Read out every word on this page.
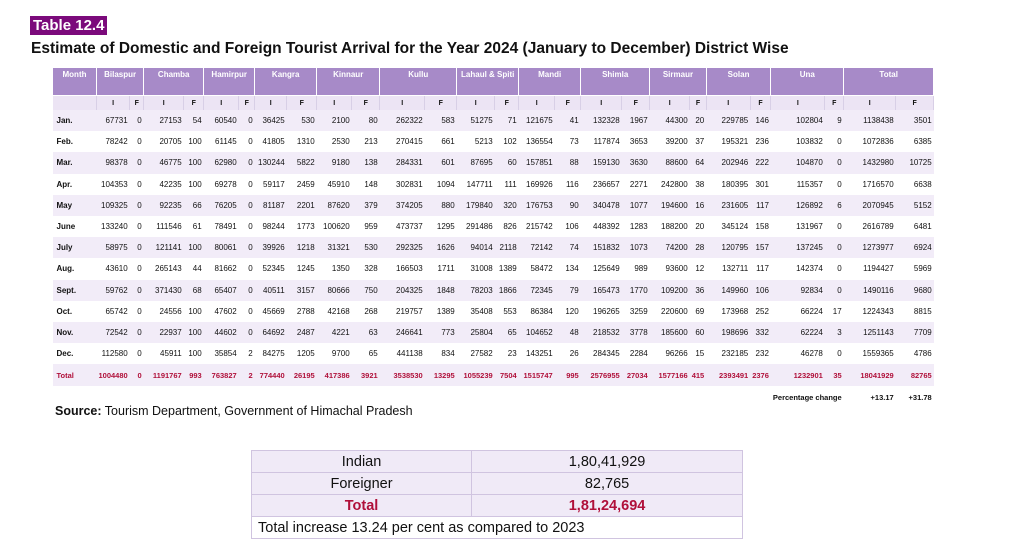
Table 12.4
Estimate of Domestic and Foreign Tourist Arrival for the Year 2024 (January to December) District Wise
Month	Bilaspur		Chamba		Hamirpur		Kangra		Kinnaur		Kullu		Lahaul & Spiti		Mandi		Shimla		Sirmaur		Solan		Una		Total	
	I	F	I	F	I	F	I	F	I	F	I	F	I	F	I	F	I	F	I	F	I	F	I	F	I	F
Jan.	67731	0	27153	54	60540	0	36425	530	2100	80	262322	583	51275	71	121675	41	132328	1967	44300	20	229785	146	102804	9	1138438	3501
Feb.	78242	0	20705	100	61145	0	41805	1310	2530	213	270415	661	5213	102	136554	73	117874	3653	39200	37	195321	236	103832	0	1072836	6385
Mar.	98378	0	46775	100	62980	0	130244	5822	9180	138	284331	601	87695	60	157851	88	159130	3630	88600	64	202946	222	104870	0	1432980	10725
Apr.	104353	0	42235	100	69278	0	59117	2459	45910	148	302831	1094	147711	111	169926	116	236657	2271	242800	38	180395	301	115357	0	1716570	6638
May	109325	0	92235	66	76205	0	81187	2201	87620	379	374205	880	179840	320	176753	90	340478	1077	194600	16	231605	117	126892	6	2070945	5152
June	133240	0	111546	61	78491	0	98244	1773	100620	959	473737	1295	291486	826	215742	106	448392	1283	188200	20	345124	158	131967	0	2616789	6481
July	58975	0	121141	100	80061	0	39926	1218	31321	530	292325	1626	94014	2118	72142	74	151832	1073	74200	28	120795	157	137245	0	1273977	6924
Aug.	43610	0	265143	44	81662	0	52345	1245	1350	328	166503	1711	31008	1389	58472	134	125649	989	93600	12	132711	117	142374	0	1194427	5969
Sept.	59762	0	371430	68	65407	0	40511	3157	80666	750	204325	1848	78203	1866	72345	79	165473	1770	109200	36	149960	106	92834	0	1490116	9680
Oct.	65742	0	24556	100	47602	0	45669	2788	42168	268	219757	1389	35408	553	86384	120	196265	3259	220600	69	173968	252	66224	17	1224343	8815
Nov.	72542	0	22937	100	44602	0	64692	2487	4221	63	246641	773	25804	65	104652	48	218532	3778	185600	60	198696	332	62224	3	1251143	7709
Dec.	112580	0	45911	100	35854	2	84275	1205	9700	65	441138	834	27582	23	143251	26	284345	2284	96266	15	232185	232	46278	0	1559365	4786
Total	1004480	0	1191767	993	763827	2	774440	26195	417386	3921	3538530	13295	1055239	7504	1515747	995	2576955	27034	1577166	415	2393491	2376	1232901	35	18041929	82765
																							Percentage change		+13.17	+31.78
Source: Tourism Department, Government of Himachal Pradesh
Indian	1,80,41,929
Foreigner	82,765
Total	1,81,24,694
Total increase 13.24 per cent as compared to 2023	
